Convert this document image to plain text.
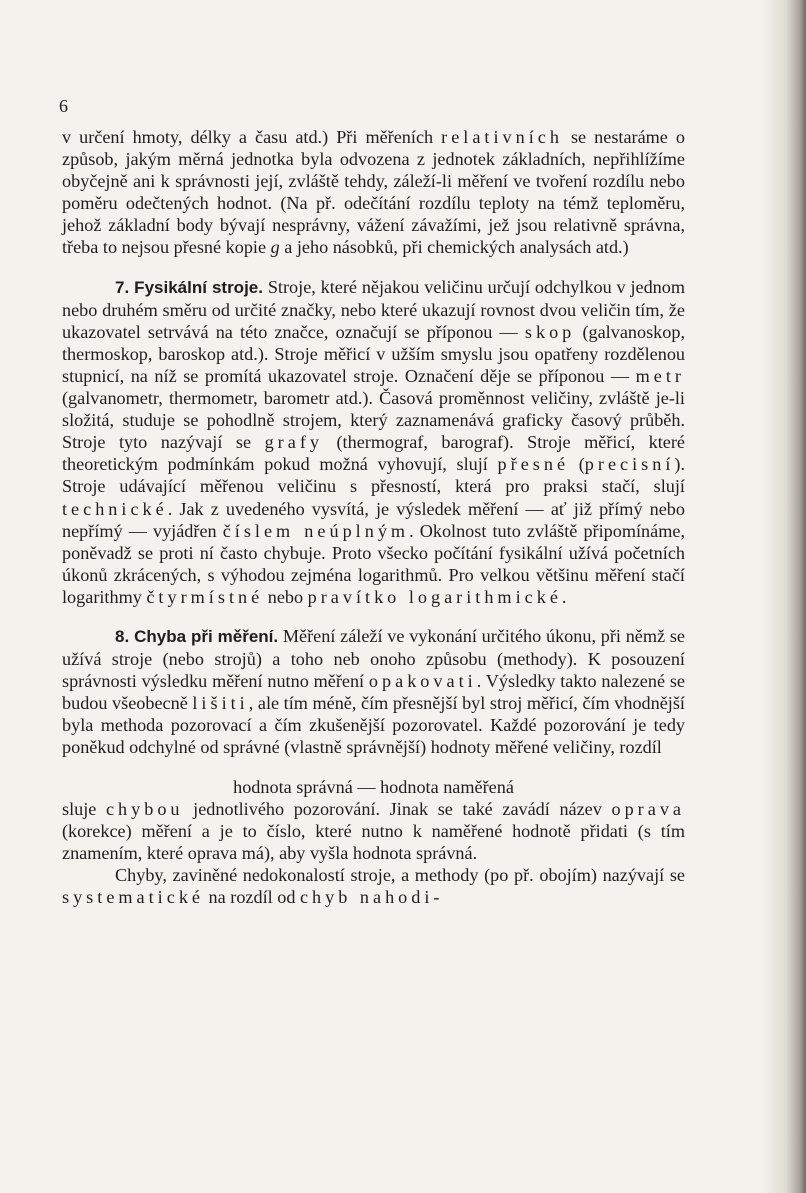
6

v určení hmoty, délky a času atd.) Při měřeních relativních se nestaráme o způsob, jakým měrná jednotka byla odvozena z jednotek základních, nepřihlížíme obyčejně ani k správnosti její, zvláště tehdy, záleží-li měření ve tvoření rozdílu nebo poměru odečtených hodnot. (Na př. odečítání rozdílu teploty na témž teploměru, jehož základní body bývají nesprávny, vážení závažími, jež jsou relativně správna, třeba to nejsou přesné kopie g a jeho násobků, při chemických analysách atd.)

7. Fysikální stroje. Stroje, které nějakou veličinu určují odchylkou v jednom nebo druhém směru od určité značky, nebo které ukazují rovnost dvou veličin tím, že ukazovatel setrvává na této značce, označují se příponou — skop (galvanoskop, thermoskop, baroskop atd.). Stroje měřicí v užším smyslu jsou opatřeny rozdělenou stupnicí, na níž se promítá ukazovatel stroje. Označení děje se příponou — metr (galvanometr, thermometr, barometr atd.). Časová proměnnost veličiny, zvláště je-li složitá, studuje se pohodlně strojem, který zaznamenává graficky časový průběh. Stroje tyto nazývají se grafy (thermograf, barograf). Stroje měřicí, které theoretickým podmínkám pokud možná vyhovují, slují přesné (precisní). Stroje udávající měřenou veličinu s přesností, která pro praksi stačí, slují technické. Jak z uvedeného vysvítá, je výsledek měření — ať již přímý nebo nepřímý — vyjádřen číslem neúplným. Okolnost tuto zvláště připomínáme, poněvadž se proti ní často chybuje. Proto všecko počítání fysikální užívá početních úkonů zkrácených, s výhodou zejména logarithmů. Pro velkou většinu měření stačí logarithmy čtyrmístné nebo pravítko logarithmické.

8. Chyba při měření. Měření záleží ve vykonání určitého úkonu, při němž se užívá stroje (nebo strojů) a toho neb onoho způsobu (methody). K posouzení správnosti výsledku měření nutno měření opakovati. Výsledky takto nalezené se budou všeobecně lišiti, ale tím méně, čím přesnější byl stroj měřicí, čím vhodnější byla methoda pozorovací a čím zkušenější pozorovatel. Každé pozorování je tedy poněkud odchylné od správné (vlastně správnější) hodnoty měřené veličiny, rozdíl

hodnota správná — hodnota naměřená

sluje chybou jednotlivého pozorování. Jinak se také zavádí název oprava (korekce) měření a je to číslo, které nutno k naměřené hodnotě přidati (s tím znamením, které oprava má), aby vyšla hodnota správná.

Chyby, zaviněné nedokonalostí stroje, a methody (po př. obojím) nazývají se systematické na rozdíl od chyb nahodi-
